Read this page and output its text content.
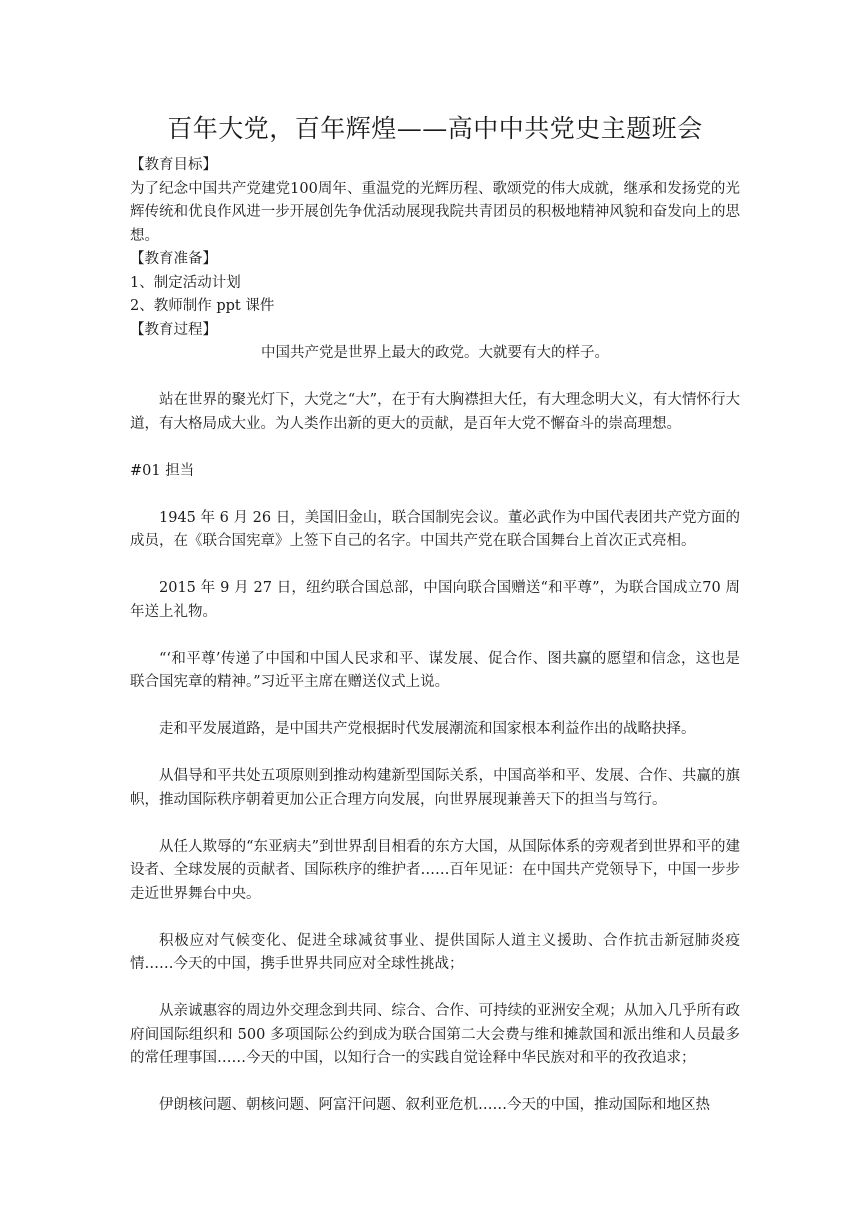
百年大党，百年辉煌——高中中共党史主题班会

【教育目标】

为了纪念中国共产党建党100周年、重温党的光辉历程、歌颂党的伟大成就，继承和发扬党的光辉传统和优良作风进一步开展创先争优活动展现我院共青团员的积极地精神风貌和奋发向上的思想。

【教育准备】

1、制定活动计划

2、教师制作 ppt 课件

【教育过程】

中国共产党是世界上最大的政党。大就要有大的样子。

站在世界的聚光灯下，大党之“大”，在于有大胸襟担大任，有大理念明大义，有大情怀行大道，有大格局成大业。为人类作出新的更大的贡献，是百年大党不懈奋斗的崇高理想。

#01 担当

1945 年 6 月 26 日，美国旧金山，联合国制宪会议。董必武作为中国代表团共产党方面的成员，在《联合国宪章》上签下自己的名字。中国共产党在联合国舞台上首次正式亮相。

2015 年 9 月 27 日，纽约联合国总部，中国向联合国赠送“和平尊”，为联合国成立70 周年送上礼物。

“‘和平尊’传递了中国和中国人民求和平、谋发展、促合作、图共赢的愿望和信念，这也是联合国宪章的精神。”习近平主席在赠送仪式上说。

走和平发展道路，是中国共产党根据时代发展潮流和国家根本利益作出的战略抉择。

从倡导和平共处五项原则到推动构建新型国际关系，中国高举和平、发展、合作、共赢的旗帜，推动国际秩序朝着更加公正合理方向发展，向世界展现兼善天下的担当与笃行。

从任人欺辱的“东亚病夫”到世界刮目相看的东方大国，从国际体系的旁观者到世界和平的建设者、全球发展的贡献者、国际秩序的维护者……百年见证：在中国共产党领导下，中国一步步走近世界舞台中央。

积极应对气候变化、促进全球减贫事业、提供国际人道主义援助、合作抗击新冠肺炎疫情……今天的中国，携手世界共同应对全球性挑战；

从亲诚惠容的周边外交理念到共同、综合、合作、可持续的亚洲安全观；从加入几乎所有政府间国际组织和 500 多项国际公约到成为联合国第二大会费与维和摊款国和派出维和人员最多的常任理事国……今天的中国，以知行合一的实践自觉诠释中华民族对和平的孜孜追求；

伊朗核问题、朝核问题、阿富汗问题、叙利亚危机……今天的中国，推动国际和地区热
